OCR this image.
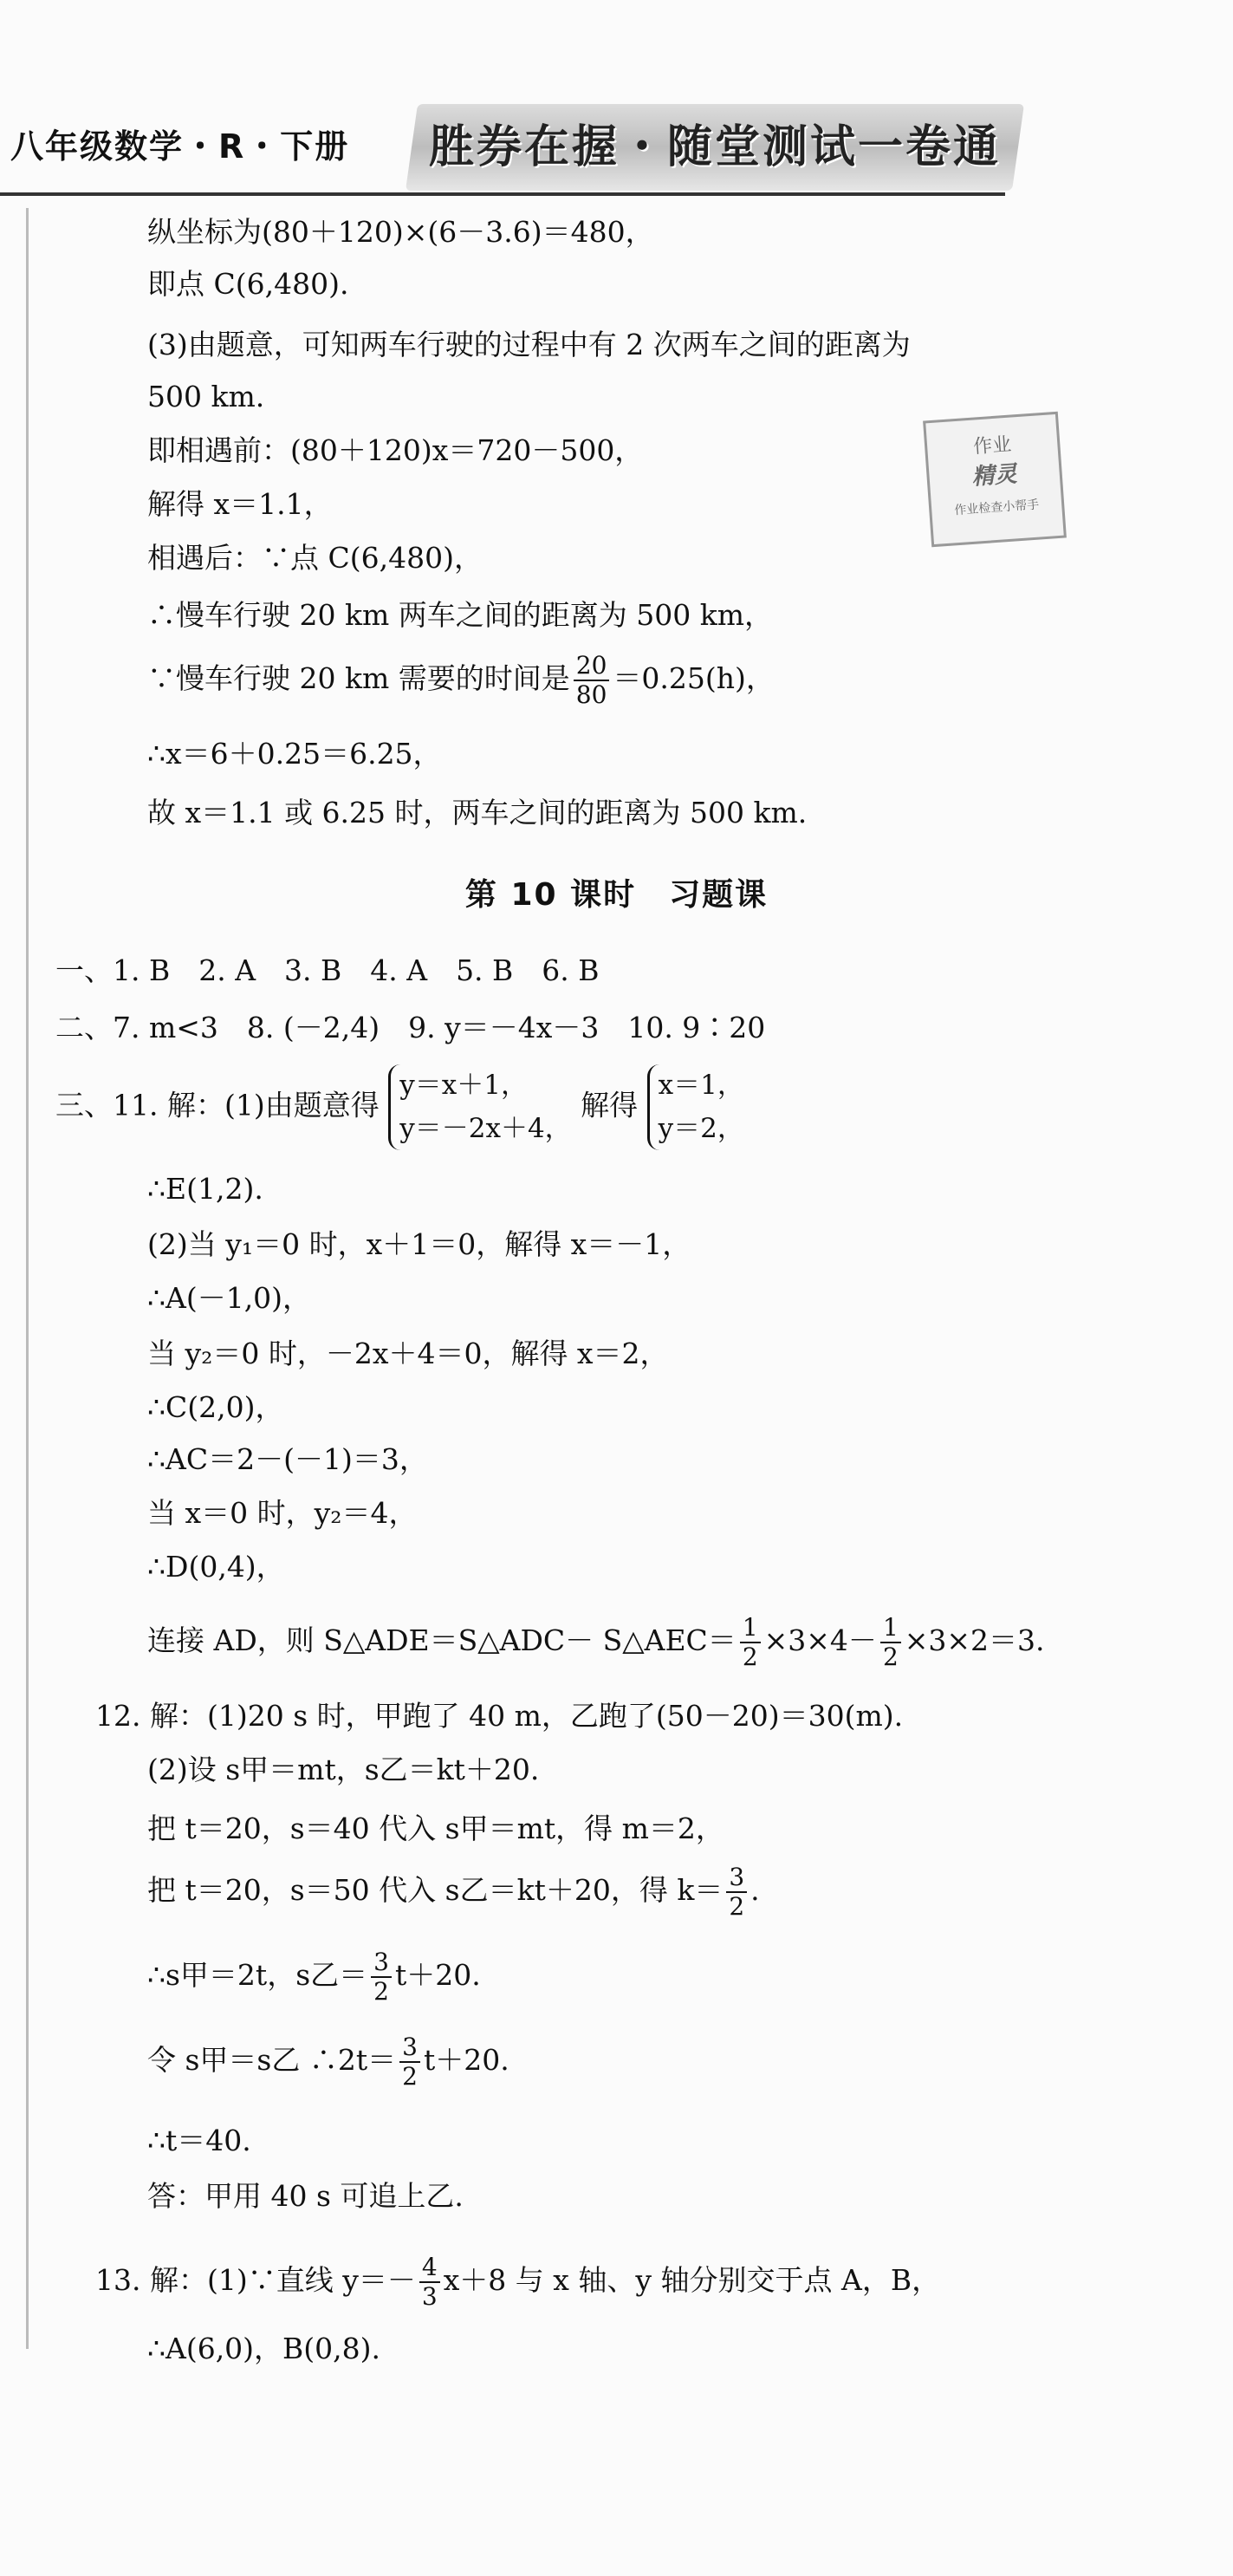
八年级数学・R・下册	胜券在握・随堂测试一卷通
作业
精灵
作业检查小帮手
纵坐标为(80＋120)×(6－3.6)＝480，
即点 C(6,480).
(3)由题意，可知两车行驶的过程中有 2 次两车之间的距离为
500 km.
即相遇前：(80＋120)x＝720－500，
解得 x＝1.1，
相遇后：∵点 C(6,480)，
∴慢车行驶 20 km 两车之间的距离为 500 km，
∵慢车行驶 20 km 需要的时间是 $\frac{20}{80} =0.25(h)$，
∴x＝6＋0.25＝6.25，
故 x＝1.1 或 6.25 时，两车之间的距离为 500 km.
第 10 课时　习题课
一、1. B　2. A　3. B　4. A　5. B　6. B
二、7. m<3　8. (－2,4)　9. y＝－4x－3　10. 9∶20
三、11. 解：(1)由题意得
y＝x＋1，
y＝－2x＋4，
解得
x＝1，
y＝2，
∴E(1,2).
(2)当 y₁＝0 时，x＋1＝0，解得 x＝－1，
∴A(－1,0)，
当 y₂＝0 时，－2x＋4＝0，解得 x＝2，
∴C(2,0)，
∴AC＝2－(－1)＝3，
当 x＝0 时，y₂＝4，
∴D(0,4)，
连接 AD，则 S△ADE＝S△ADC－ S△AEC＝ $\frac{1}{2} \times 3\times 4- \frac{1}{2} \times 3\times 2=3$.
12. 解：(1)20 s 时，甲跑了 40 m，乙跑了(50－20)＝30(m).
(2)设 s甲＝mt，s乙＝kt＋20.
把 t＝20，s＝40 代入 s甲＝mt，得 m＝2，
把 t＝20，s＝50 代入 s乙＝kt＋20，得 $k= \frac{3}{2}$ .
∴s甲＝2t，s乙＝ $\frac{3}{2} t+20$.
令 s甲＝s乙 ∴2t＝ $\frac{3}{2} t+20$.
∴t＝40.
答：甲用 40 s 可追上乙.
13. 解：(1)∵直线 $y=- \frac{4}{3} x+8$ 与 x 轴、y 轴分别交于点 A，B，
∴A(6,0)，B(0,8).
